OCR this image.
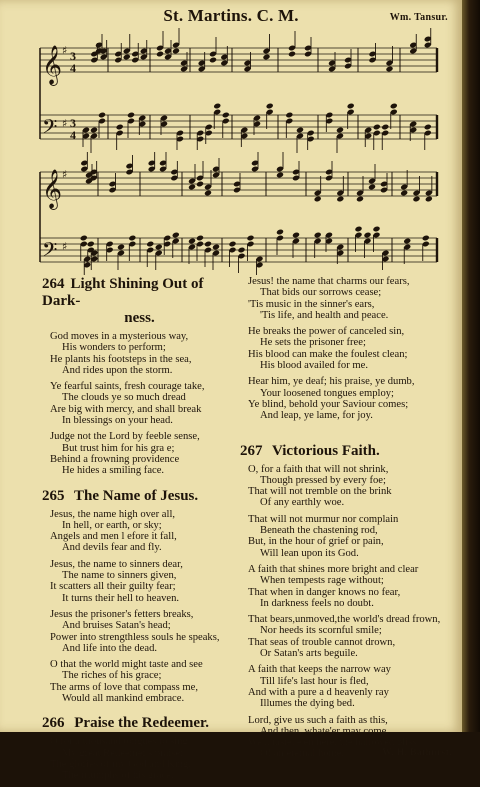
St. Martins. C. M.	Wm. Tansur.
𝄞 ♯ 3
4
𝄢 ♯ 3
4
𝄞 ♯
𝄢 ♯
264 Light Shining Out of Dark-
ness.
God moves in a mysterious way,
His wonders to perform;
He plants his footsteps in the sea,
And rides upon the storm.
Ye fearful saints, fresh courage take,
The clouds ye so much dread
Are big with mercy, and shall break
In blessings on your head.
Judge not the Lord by feeble sense,
But trust him for his gra e;
Behind a frowning providence
He hides a smiling face.
265 The Name of Jesus.
Jesus, the name high over all,
In hell, or earth, or sky;
Angels and men l efore it fall,
And devils fear and fly.
Jesus, the name to sinners dear,
The name to sinners given,
It scatters all their guilty fear;
It turns their hell to heaven.
Jesus the prisoner's fetters breaks,
And bruises Satan's head;
Power into strengthless souls he speaks,
And life into the dead.
O that the world might taste and see
The riches of his grace;
The arms of love that compass me,
Would all mankind embrace.
266 Praise the Redeemer.
O for a thousand tongues to sing
My great Redeemer's praise;
The glories of my God and King,
The triumphs of his grace.
Jesus! the name that charms our fears,
That bids our sorrows cease;
'Tis music in the sinner's ears,
'Tis life, and health and peace.
He breaks the power of canceled sin,
He sets the prisoner free;
His blood can make the foulest clean;
His blood availed for me.
Hear him, ye deaf; his praise, ye dumb,
Your loosened tongues employ;
Ye blind, behold your Saviour comes;
And leap, ye lame, for joy.
267 Victorious Faith.
O, for a faith that will not shrink,
Though pressed by every foe;
That will not tremble on the brink
Of any earthly woe.
That will not murmur nor complain
Beneath the chastening rod,
But, in the hour of grief or pain,
Will lean upon its God.
A faith that shines more bright and clear
When tempests rage without;
That when in danger knows no fear,
In darkness feels no doubt.
That bears,unmoved,the world's dread frown,
Nor heeds its scornful smile;
That seas of trouble cannot drown,
Or Satan's arts beguile.
A faith that keeps the narrow way
Till life's last hour is fled,
And with a pure a d heavenly ray
Illumes the dying bed.
Lord, give us such a faith as this,
And then, whate'er may come,
We'll taste, e'en here, the hallowed bliss
Of an eternal home.	W. H. Bathurst.
